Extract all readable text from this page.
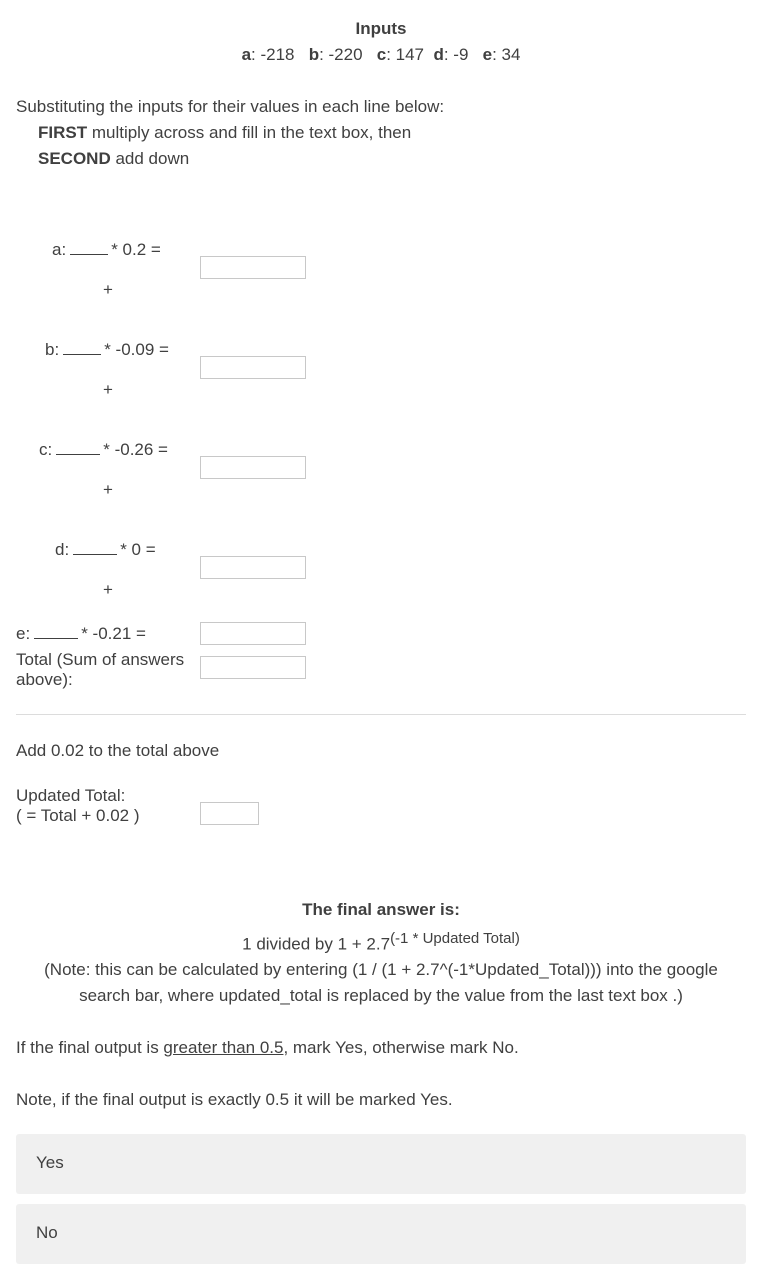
Inputs
a: -218 b: -220 c: 147 d: -9 e: 34
Substituting the inputs for their values in each line below:
FIRST multiply across and fill in the text box, then
SECOND add down
a:	* 0.2 =
+
b:	* -0.09 =
+
c:	* -0.26 =
+
d:	* 0 =
+
e:	* -0.21 =
Total (Sum of answers
above):
Add 0.02 to the total above
Updated Total:
( = Total + 0.02 )
The final answer is:
1 divided by $1 + 2.7^{(-1 * Updated Total)}$
(Note: this can be calculated by entering (1 / (1 + 2.7^(-1*Updated_Total))) into the google
search bar, where updated_total is replaced by the value from the last text box .)
If the final output is greater than 0.5, mark Yes, otherwise mark No.
Note, if the final output is exactly 0.5 it will be marked Yes.
Yes
No
